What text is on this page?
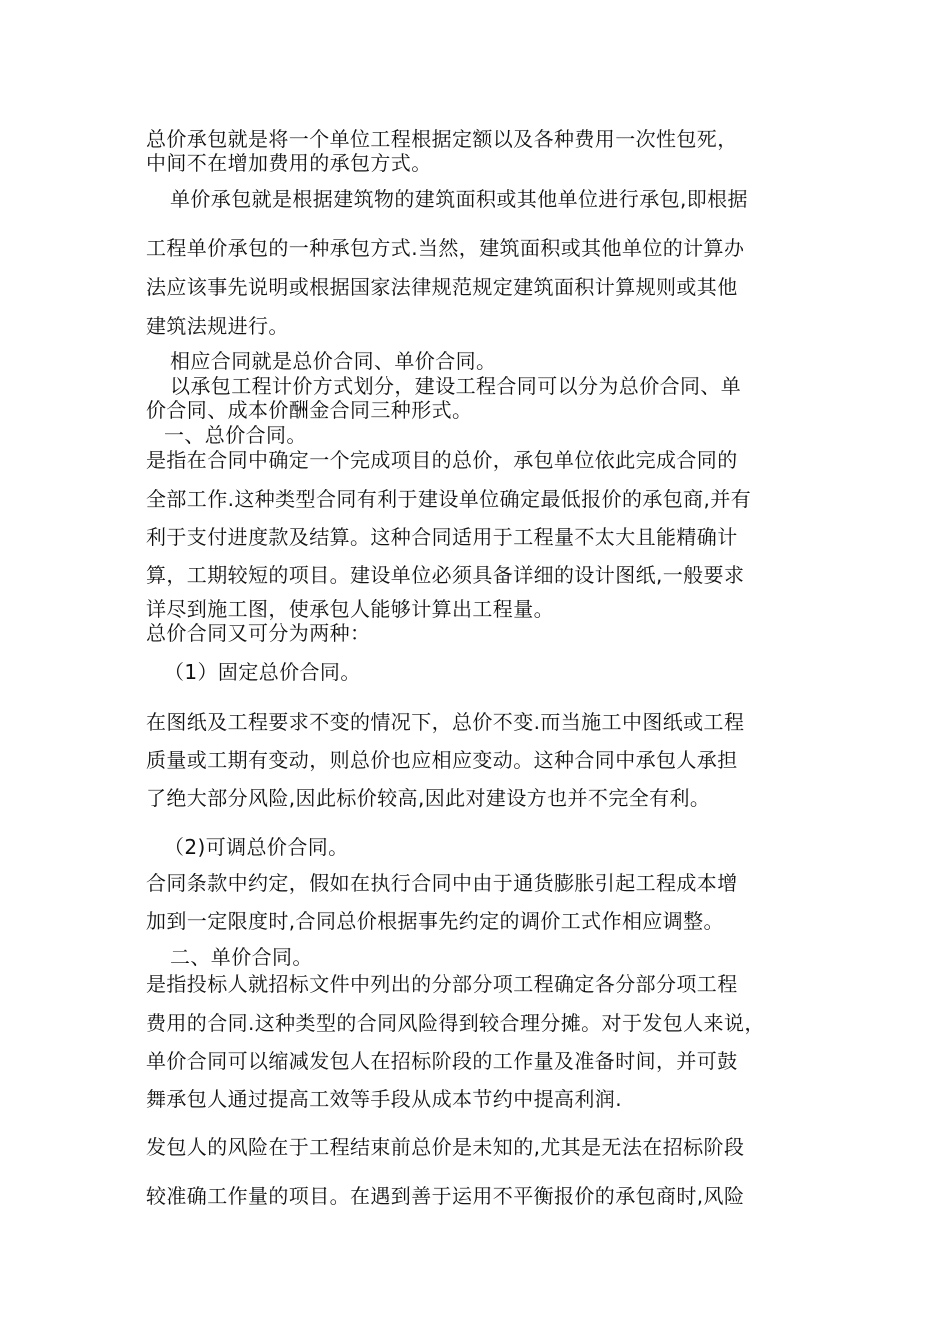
总价承包就是将一个单位工程根据定额以及各种费用一次性包死，

中间不在增加费用的承包方式。

单价承包就是根据建筑物的建筑面积或其他单位进行承包,即根据

工程单价承包的一种承包方式.当然，建筑面积或其他单位的计算办

法应该事先说明或根据国家法律规范规定建筑面积计算规则或其他

建筑法规进行。

相应合同就是总价合同、单价合同。

以承包工程计价方式划分，建设工程合同可以分为总价合同、单

价合同、成本价酬金合同三种形式。

一、总价合同。

是指在合同中确定一个完成项目的总价，承包单位依此完成合同的

全部工作.这种类型合同有利于建设单位确定最低报价的承包商,并有

利于支付进度款及结算。这种合同适用于工程量不太大且能精确计

算，工期较短的项目。建设单位必须具备详细的设计图纸,一般要求

详尽到施工图，使承包人能够计算出工程量。

总价合同又可分为两种：

（1）固定总价合同。

在图纸及工程要求不变的情况下，总价不变.而当施工中图纸或工程

质量或工期有变动，则总价也应相应变动。这种合同中承包人承担

了绝大部分风险,因此标价较高,因此对建设方也并不完全有利。

（2)可调总价合同。

合同条款中约定，假如在执行合同中由于通货膨胀引起工程成本增

加到一定限度时,合同总价根据事先约定的调价工式作相应调整。

二、单价合同。

是指投标人就招标文件中列出的分部分项工程确定各分部分项工程

费用的合同.这种类型的合同风险得到较合理分摊。对于发包人来说，

单价合同可以缩减发包人在招标阶段的工作量及准备时间，并可鼓

舞承包人通过提高工效等手段从成本节约中提高利润.

发包人的风险在于工程结束前总价是未知的,尤其是无法在招标阶段

较准确工作量的项目。在遇到善于运用不平衡报价的承包商时,风险
